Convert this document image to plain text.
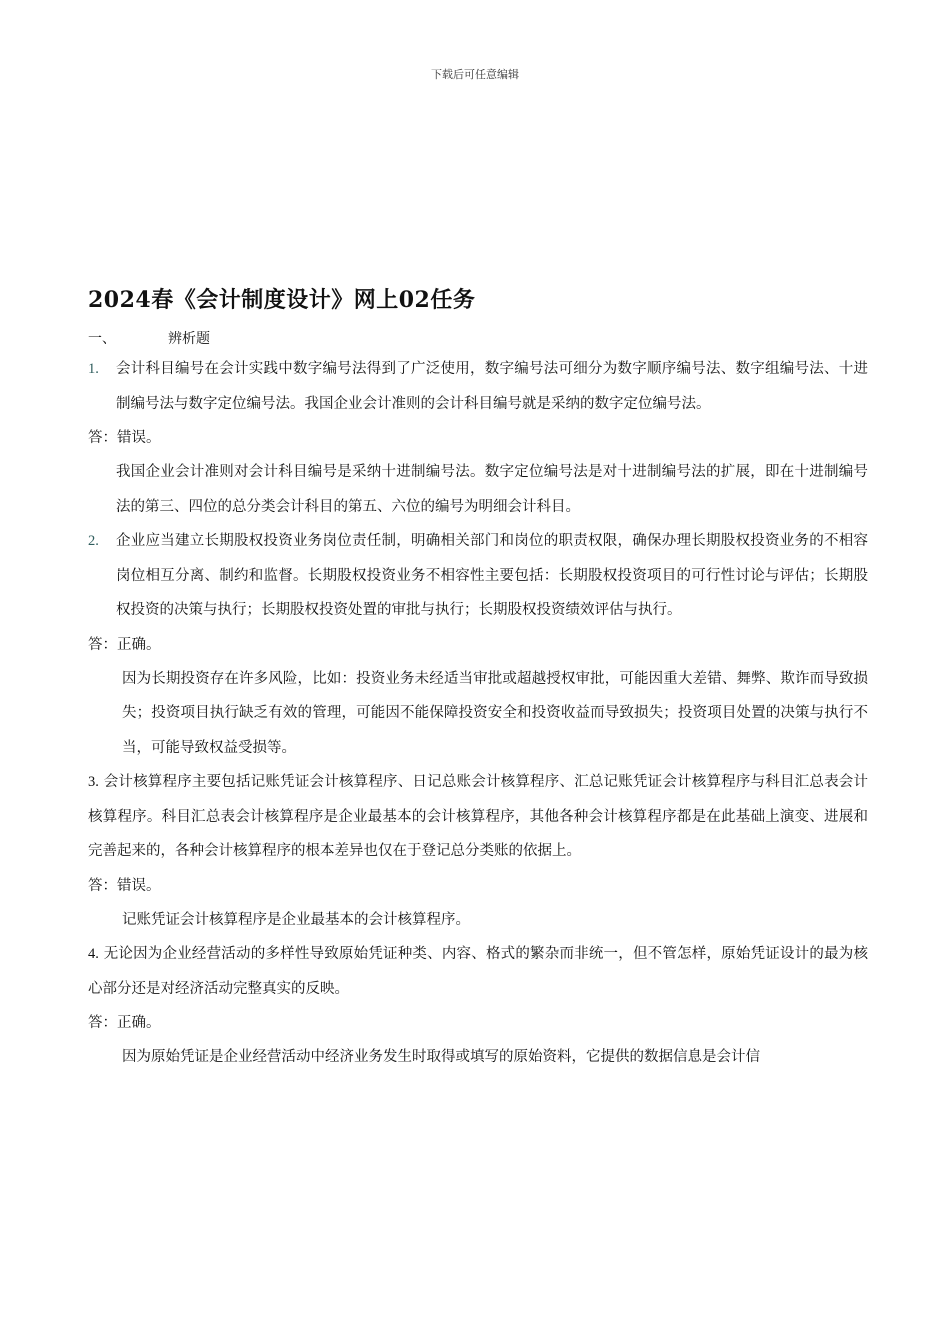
下载后可任意编辑
2024春《会计制度设计》网上02任务
一、	辨析题
1. 会计科目编号在会计实践中数字编号法得到了广泛使用，数字编号法可细分为数字顺序编号法、数字组编号法、十进制编号法与数字定位编号法。我国企业会计准则的会计科目编号就是采纳的数字定位编号法。
答：错误。
我国企业会计准则对会计科目编号是采纳十进制编号法。数字定位编号法是对十进制编号法的扩展，即在十进制编号法的第三、四位的总分类会计科目的第五、六位的编号为明细会计科目。
2. 企业应当建立长期股权投资业务岗位责任制，明确相关部门和岗位的职责权限，确保办理长期股权投资业务的不相容岗位相互分离、制约和监督。长期股权投资业务不相容性主要包括：长期股权投资项目的可行性讨论与评估；长期股权投资的决策与执行；长期股权投资处置的审批与执行；长期股权投资绩效评估与执行。
答：正确。
因为长期投资存在许多风险，比如：投资业务未经适当审批或超越授权审批，可能因重大差错、舞弊、欺诈而导致损失；投资项目执行缺乏有效的管理，可能因不能保障投资安全和投资收益而导致损失；投资项目处置的决策与执行不当，可能导致权益受损等。
3. 会计核算程序主要包括记账凭证会计核算程序、日记总账会计核算程序、汇总记账凭证会计核算程序与科目汇总表会计核算程序。科目汇总表会计核算程序是企业最基本的会计核算程序，其他各种会计核算程序都是在此基础上演变、进展和完善起来的，各种会计核算程序的根本差异也仅在于登记总分类账的依据上。
答：错误。
记账凭证会计核算程序是企业最基本的会计核算程序。
4. 无论因为企业经营活动的多样性导致原始凭证种类、内容、格式的繁杂而非统一，但不管怎样，原始凭证设计的最为核心部分还是对经济活动完整真实的反映。
答：正确。
因为原始凭证是企业经营活动中经济业务发生时取得或填写的原始资料，它提供的数据信息是会计信
